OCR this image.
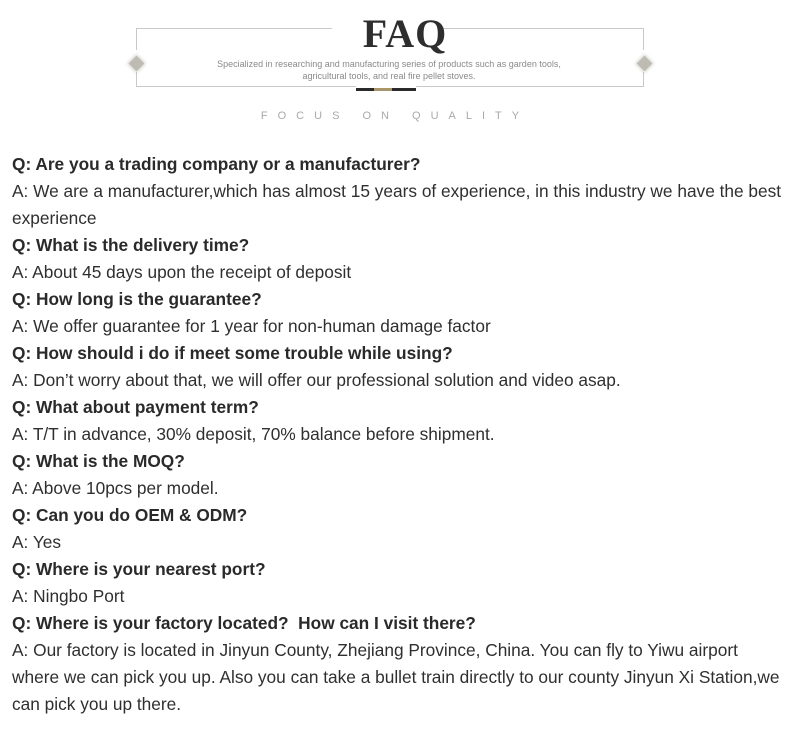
FAQ
Specialized in researching and manufacturing series of products such as garden tools,
agricultural tools, and real fire pellet stoves.
FOCUS ON QUALITY
Q: Are you a trading company or a manufacturer?
A: We are a manufacturer,which has almost 15 years of experience, in this industry we have the best experience
Q: What is the delivery time?
A: About 45 days upon the receipt of deposit
Q: How long is the guarantee?
A: We offer guarantee for 1 year for non-human damage factor
Q: How should i do if meet some trouble while using?
A: Don’t worry about that, we will offer our professional solution and video asap.
Q: What about payment term?
A: T/T in advance, 30% deposit, 70% balance before shipment.
Q: What is the MOQ?
A: Above 10pcs per model.
Q: Can you do OEM & ODM?
A: Yes
Q: Where is your nearest port?
A: Ningbo Port
Q: Where is your factory located?  How can I visit there?
A: Our factory is located in Jinyun County, Zhejiang Province, China. You can fly to Yiwu airport where we can pick you up. Also you can take a bullet train directly to our county Jinyun Xi Station,we can pick you up there.
